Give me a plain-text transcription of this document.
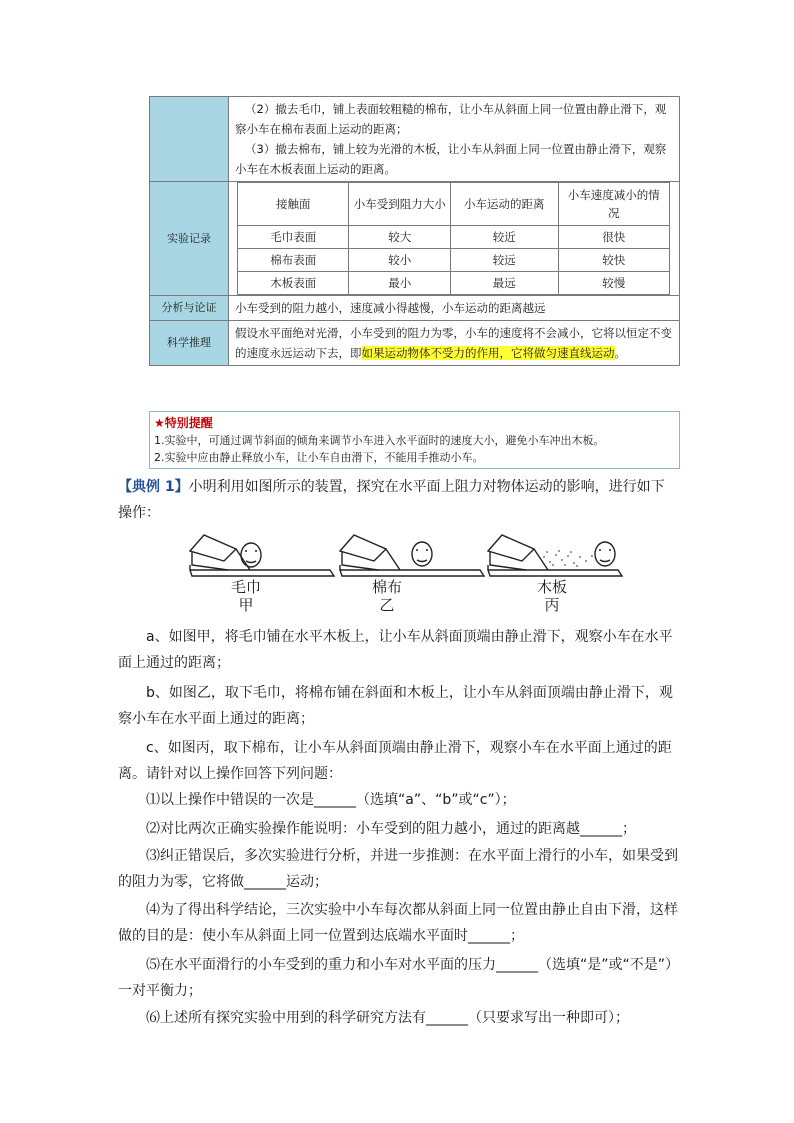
（2）撤去毛巾，铺上表面较粗糙的棉布，让小车从斜面上同一位置由静止滑下，观察小车在棉布表面上运动的距离；

（3）撤去棉布，铺上较为光滑的木板，让小车从斜面上同一位置由静止滑下，观察小车在木板表面上运动的距离。

实验记录	
接触面	小车受到阻力大小	小车运动的距离	小车速度减小的情况
毛巾表面	较大	较近	很快
棉布表面	较小	较远	较快
木板表面	最小	最远	较慢

分析与论证	小车受到的阻力越小，速度减小得越慢，小车运动的距离越远
科学推理	假设水平面绝对光滑，小车受到的阻力为零，小车的速度将不会减小，它将以恒定不变的速度永远运动下去，即如果运动物体不受力的作用，它将做匀速直线运动。
★特别提醒
1.实验中，可通过调节斜面的倾角来调节小车进入水平面时的速度大小，避免小车冲出木板。
2.实验中应由静止释放小车，让小车自由滑下，不能用手推动小车。
【典例 1】小明利用如图所示的装置，探究在水平面上阻力对物体运动的影响，进行如下操作：
毛巾
甲
棉布
乙
木板
丙
a、如图甲，将毛巾铺在水平木板上，让小车从斜面顶端由静止滑下，观察小车在水平面上通过的距离；
b、如图乙，取下毛巾，将棉布铺在斜面和木板上，让小车从斜面顶端由静止滑下，观察小车在水平面上通过的距离；
c、如图丙，取下棉布，让小车从斜面顶端由静止滑下，观察小车在水平面上通过的距离。请针对以上操作回答下列问题：
⑴以上操作中错误的一次是______（选填“a”、“b”或“c”）；
⑵对比两次正确实验操作能说明：小车受到的阻力越小，通过的距离越______；
⑶纠正错误后，多次实验进行分析，并进一步推测：在水平面上滑行的小车，如果受到的阻力为零，它将做______运动；
⑷为了得出科学结论，三次实验中小车每次都从斜面上同一位置由静止自由下滑，这样做的目的是：使小车从斜面上同一位置到达底端水平面时______；
⑸在水平面滑行的小车受到的重力和小车对水平面的压力______（选填“是”或“不是”）一对平衡力；
⑹上述所有探究实验中用到的科学研究方法有______（只要求写出一种即可）；
